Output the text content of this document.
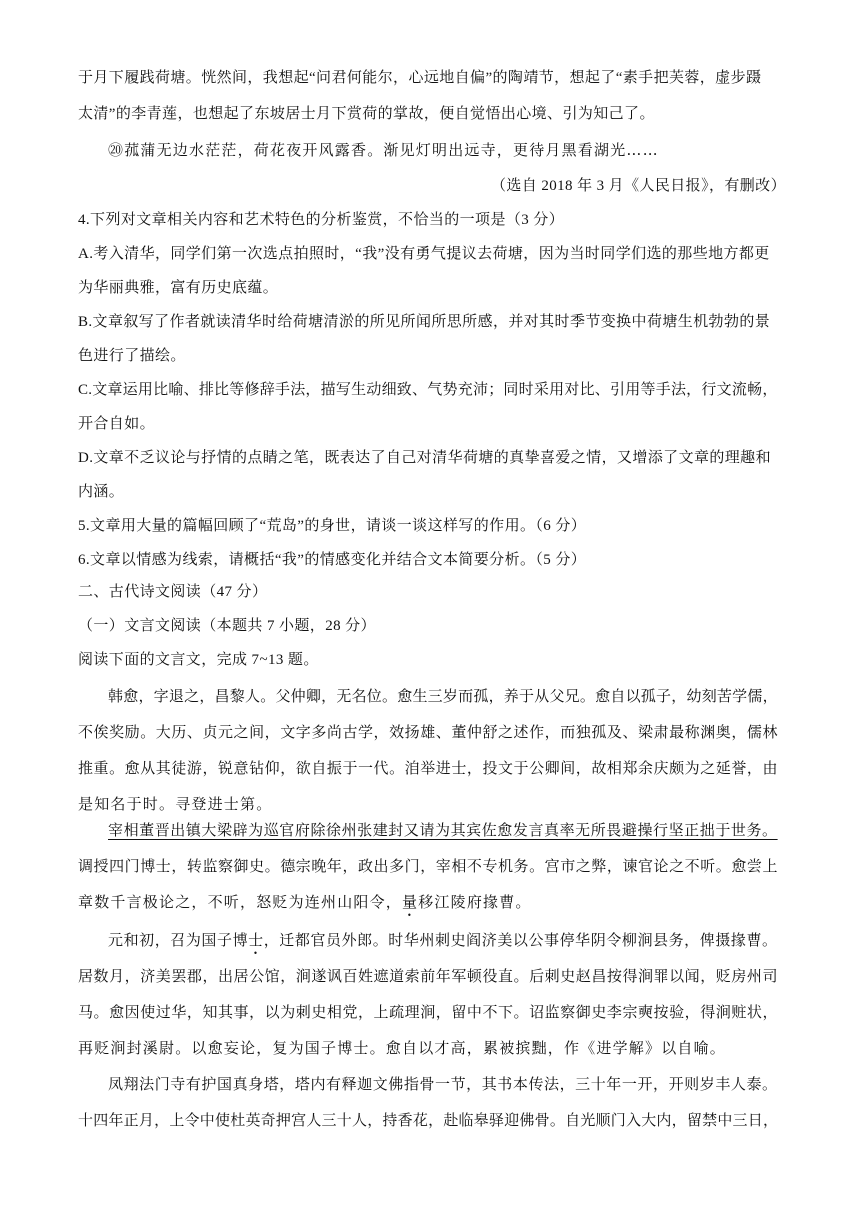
于月下履践荷塘。恍然间，我想起“问君何能尔，心远地自偏”的陶靖节，想起了“素手把芙蓉，虚步蹑
太清”的李青莲，也想起了东坡居士月下赏荷的掌故，便自觉悟出心境、引为知己了。
⑳菰蒲无边水茫茫，荷花夜开风露香。渐见灯明出远寺，更待月黑看湖光……
（选自 2018 年 3 月《人民日报》，有删改）
4.下列对文章相关内容和艺术特色的分析鉴赏，不恰当的一项是（3 分）
A.考入清华，同学们第一次选点拍照时，“我”没有勇气提议去荷塘，因为当时同学们选的那些地方都更
为华丽典雅，富有历史底蕴。
B.文章叙写了作者就读清华时给荷塘清淤的所见所闻所思所感，并对其时季节变换中荷塘生机勃勃的景
色进行了描绘。
C.文章运用比喻、排比等修辞手法，描写生动细致、气势充沛；同时采用对比、引用等手法，行文流畅，
开合自如。
D.文章不乏议论与抒情的点睛之笔，既表达了自己对清华荷塘的真挚喜爱之情，又增添了文章的理趣和
内涵。
5.文章用大量的篇幅回顾了“荒岛”的身世，请谈一谈这样写的作用。（6 分）
6.文章以情感为线索，请概括“我”的情感变化并结合文本简要分析。（5 分）
二、古代诗文阅读（47 分）
（一）文言文阅读（本题共 7 小题，28 分）
阅读下面的文言文，完成 7~13 题。
韩愈，字退之，昌黎人。父仲卿，无名位。愈生三岁而孤，养于从父兄。愈自以孤子，幼刻苦学儒，
不俟奖励。大历、贞元之间，文字多尚古学，效扬雄、董仲舒之述作，而独孤及、梁肃最称渊奥，儒林
推重。愈从其徒游，锐意钻仰，欲自振于一代。洎举进士，投文于公卿间，故相郑余庆颇为之延誉，由
是知名于时。寻登进士第。
宰相董晋出镇大梁辟为巡官府除徐州张建封又请为其宾佐愈发言真率无所畏避操行坚正拙于世务。
调授四门博士，转监察御史。德宗晚年，政出多门，宰相不专机务。宫市之弊，谏官论之不听。愈尝上
章数千言极论之，不听，怒贬为连州山阳令，量移江陵府掾曹。
元和初，召为国子博士，迁都官员外郎。时华州刺史阎济美以公事停华阴令柳涧县务，俾摄掾曹。
居数月，济美罢郡，出居公馆，涧遂讽百姓遮道索前年军顿役直。后刺史赵昌按得涧罪以闻，贬房州司
马。愈因使过华，知其事，以为刺史相党，上疏理涧，留中不下。诏监察御史李宗奭按验，得涧赃状，
再贬涧封溪尉。以愈妄论，复为国子博士。愈自以才高，累被摈黜，作《进学解》以自喻。
凤翔法门寺有护国真身塔，塔内有释迦文佛指骨一节，其书本传法，三十年一开，开则岁丰人泰。
十四年正月，上令中使杜英奇押宫人三十人，持香花，赴临皋驿迎佛骨。自光顺门入大内，留禁中三日，
